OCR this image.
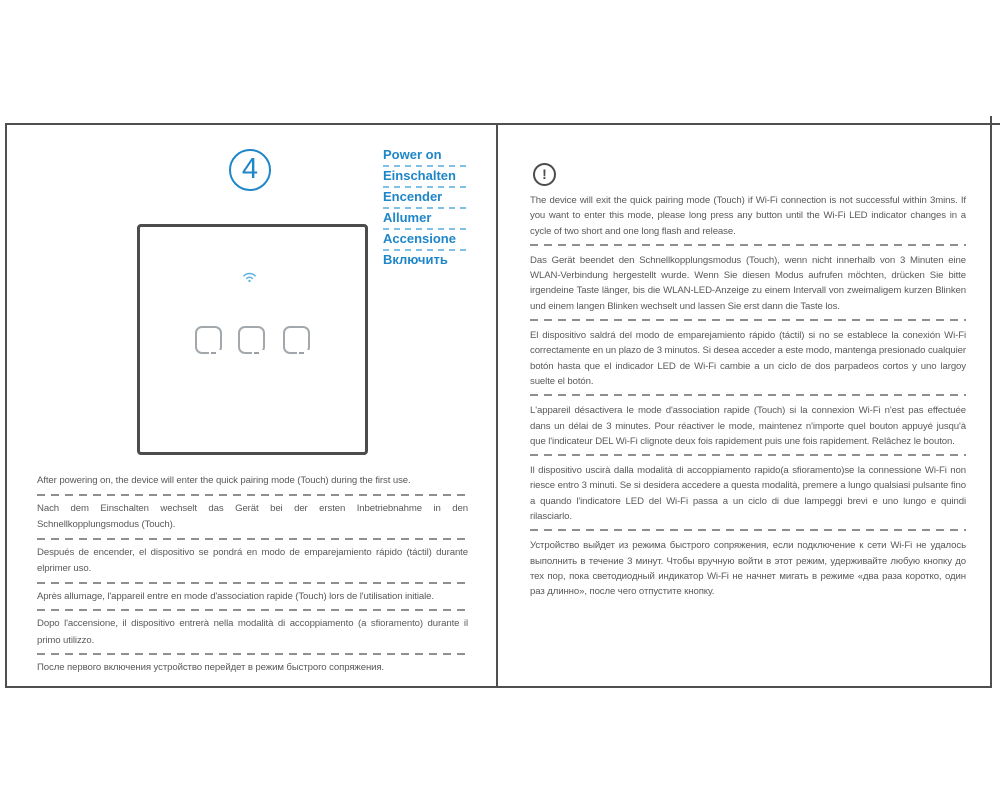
4	Power on
Einschalten
Encender
Allumer
Accensione
Включить

After powering on, the device will enter the quick pairing mode (Touch) during the first use.

Nach dem Einschalten wechselt das Gerät bei der ersten Inbetriebnahme in den Schnellkopplungsmodus (Touch).

Después de encender, el dispositivo se pondrá en modo de emparejamiento rápido (táctil) durante elprimer uso.

Après allumage, l'appareil entre en mode d'association rapide (Touch) lors de l'utilisation initiale.

Dopo l'accensione, il dispositivo entrerà nella modalità di accoppiamento (a sfioramento) durante il primo utilizzo.

После первого включения устройство перейдет в режим быстрого сопряжения.

!

The device will exit the quick pairing mode (Touch) if Wi-Fi connection is not successful within 3mins. If you want to enter this mode, please long press any button until the Wi-Fi LED indicator changes in a cycle of two short and one long flash and release.

Das Gerät beendet den Schnellkopplungsmodus (Touch), wenn nicht innerhalb von 3 Minuten eine WLAN-Verbindung hergestellt wurde. Wenn Sie diesen Modus aufrufen möchten, drücken Sie bitte irgendeine Taste länger, bis die WLAN-LED-Anzeige zu einem Intervall von zweimaligem kurzen Blinken und einem langen Blinken wechselt und lassen Sie erst dann die Taste los.

El dispositivo saldrá del modo de emparejamiento rápido (táctil) si no se establece la conexión Wi-Fi correctamente en un plazo de 3 minutos. Si desea acceder a este modo, mantenga presionado cualquier botón hasta que el indicador LED de Wi-Fi cambie a un ciclo de dos parpadeos cortos y uno largoy suelte el botón.

L'appareil désactivera le mode d'association rapide (Touch) si la connexion Wi-Fi n'est pas effectuée dans un délai de 3 minutes. Pour réactiver le mode, maintenez n'importe quel bouton appuyé jusqu'à que l'indicateur DEL Wi-Fi clignote deux fois rapidement puis une fois rapidement. Relâchez le bouton.

Il dispositivo uscirà dalla modalità di accoppiamento rapido(a sfioramento)se la connessione Wi-Fi non riesce entro 3 minuti. Se si desidera accedere a questa modalità, premere a lungo qualsiasi pulsante fino a quando l'indicatore LED del Wi-Fi passa a un ciclo di due lampeggi brevi e uno lungo e quindi rilasciarlo.

Устройство выйдет из режима быстрого сопряжения, если подключение к сети Wi-Fi не удалось выполнить в течение 3 минут. Чтобы вручную войти в этот режим, удерживайте любую кнопку до тех пор, пока светодиодный индикатор Wi-Fi не начнет мигать в режиме «два раза коротко, один раз длинно», после чего отпустите кнопку.
